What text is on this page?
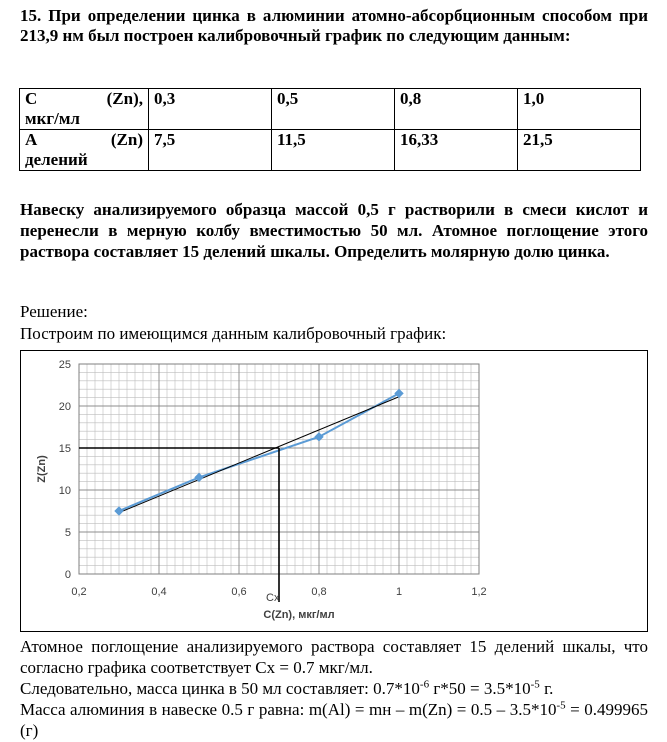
15. При определении цинка в алюминии атомно-абсорбционным способом при 213,9 нм был построен калибровочный график по следующим данным:
С (Zn),
мкг/мл	0,3	0,5	0,8	1,0

А (Zn)
делений	7,5	11,5	16,33	21,5
Навеску анализируемого образца массой 0,5 г растворили в смеси кислот и перенесли в мерную колбу вместимостью 50 мл. Атомное поглощение этого раствора составляет 15 делений шкалы. Определить молярную долю цинка.
Решение:
Построим по имеющимся данным калибровочный график:
0
5
10
15
20
25
0,2	0,4	0,6	0,8	1	1,2
C(Zn), мкг/мл
Z(Zn)
Cx
Атомное поглощение анализируемого раствора составляет 15 делений шкалы, что согласно графика соответствует Сх = 0.7 мкг/мл.
Следовательно, масса цинка в 50 мл составляет: $0.7*10^{-6}$ $г*50 = 3.5*10^{-5}$ г.
Масса алюминия в навеске 0.5 г равна: m(Al) = mн – $m(Zn) = 0.5 - 3.5*10^{-5} = 0.499965$ (г)
